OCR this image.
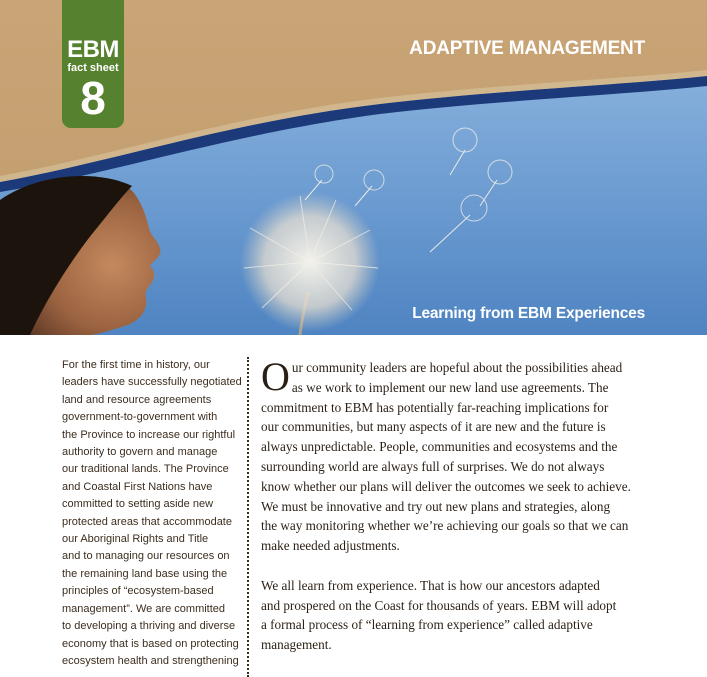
EBM
fact sheet
8
ADAPTIVE MANAGEMENT
Learning from EBM Experiences

For the first time in history, our
leaders have successfully negotiated
land and resource agreements
government-to-government with
the Province to increase our rightful
authority to govern and manage
our traditional lands. The Province
and Coastal First Nations have
committed to setting aside new
protected areas that accommodate
our Aboriginal Rights and Title
and to managing our resources on
the remaining land base using the
principles of “ecosystem-based
management”. We are committed
to developing a thriving and diverse
economy that is based on protecting
ecosystem health and strengthening

Our community leaders are hopeful about the possibilities ahead
as we work to implement our new land use agreements. The
commitment to EBM has potentially far-reaching implications for
our communities, but many aspects of it are new and the future is
always unpredictable. People, communities and ecosystems and the
surrounding world are always full of surprises. We do not always
know whether our plans will deliver the outcomes we seek to achieve.
We must be innovative and try out new plans and strategies, along
the way monitoring whether we’re achieving our goals so that we can
make needed adjustments.

We all learn from experience. That is how our ancestors adapted
and prospered on the Coast for thousands of years. EBM will adopt
a formal process of “learning from experience” called adaptive
management.
